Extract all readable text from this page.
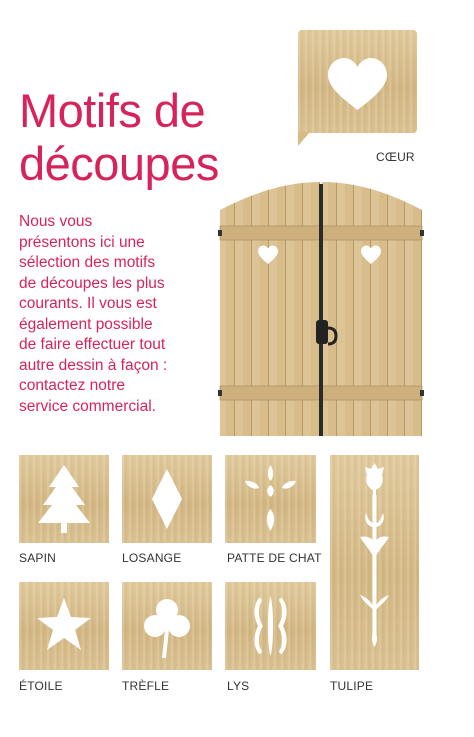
Motifs de
découpes
Nous vous
présentons ici une
sélection des motifs
de découpes les plus
courants. Il vous est
également possible
de faire effectuer tout
autre dessin à façon :
contactez notre
service commercial.
CŒUR
SAPIN	LOSANGE	PATTE DE CHAT
TULIPE
ÉTOILE	TRÈFLE	LYS
